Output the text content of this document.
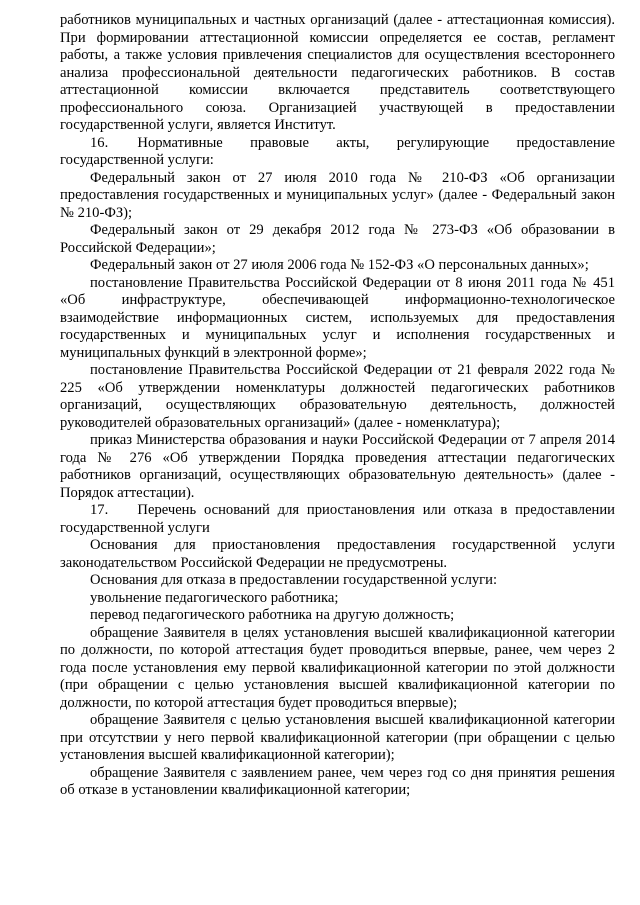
работников муниципальных и частных организаций (далее - аттестационная комиссия). При формировании аттестационной комиссии определяется ее состав, регламент работы, а также условия привлечения специалистов для осуществления всестороннего анализа профессиональной деятельности педагогических работников. В состав аттестационной комиссии включается представитель соответствующего профессионального союза. Организацией участвующей в предоставлении государственной услуги, является Институт.

16.  Нормативные правовые акты, регулирующие предоставление государственной услуги:

Федеральный закон от 27 июля 2010 года № 210-ФЗ «Об организации предоставления государственных и муниципальных услуг» (далее - Федеральный закон № 210-ФЗ);

Федеральный закон от 29 декабря 2012 года № 273-ФЗ «Об образовании в Российской Федерации»;

Федеральный закон от 27 июля 2006 года № 152-ФЗ «О персональных данных»;

постановление Правительства Российской Федерации от 8 июня 2011 года № 451 «Об инфраструктуре, обеспечивающей информационно-технологическое взаимодействие информационных систем, используемых для предоставления государственных и муниципальных услуг и исполнения государственных и муниципальных функций в электронной форме»;

постановление Правительства Российской Федерации от 21 февраля 2022 года № 225 «Об утверждении номенклатуры должностей педагогических работников организаций, осуществляющих образовательную деятельность, должностей руководителей образовательных организаций» (далее - номенклатура);

приказ Министерства образования и науки Российской Федерации от 7 апреля 2014 года № 276 «Об утверждении Порядка проведения аттестации педагогических работников организаций, осуществляющих образовательную деятельность» (далее - Порядок аттестации).

17.  Перечень оснований для приостановления или отказа в предоставлении государственной услуги

Основания для приостановления предоставления государственной услуги законодательством Российской Федерации не предусмотрены.

Основания для отказа в предоставлении государственной услуги:

увольнение педагогического работника;

перевод педагогического работника на другую должность;

обращение Заявителя в целях установления высшей квалификационной категории по должности, по которой аттестация будет проводиться впервые, ранее, чем через 2 года после установления ему первой квалификационной категории по этой должности (при обращении с целью установления высшей квалификационной категории по должности, по которой аттестация будет проводиться впервые);

обращение Заявителя с целью установления высшей квалификационной категории при отсутствии у него первой квалификационной категории (при обращении с целью установления высшей квалификационной категории);

обращение Заявителя с заявлением ранее, чем через год со дня принятия решения об отказе в установлении квалификационной категории;
